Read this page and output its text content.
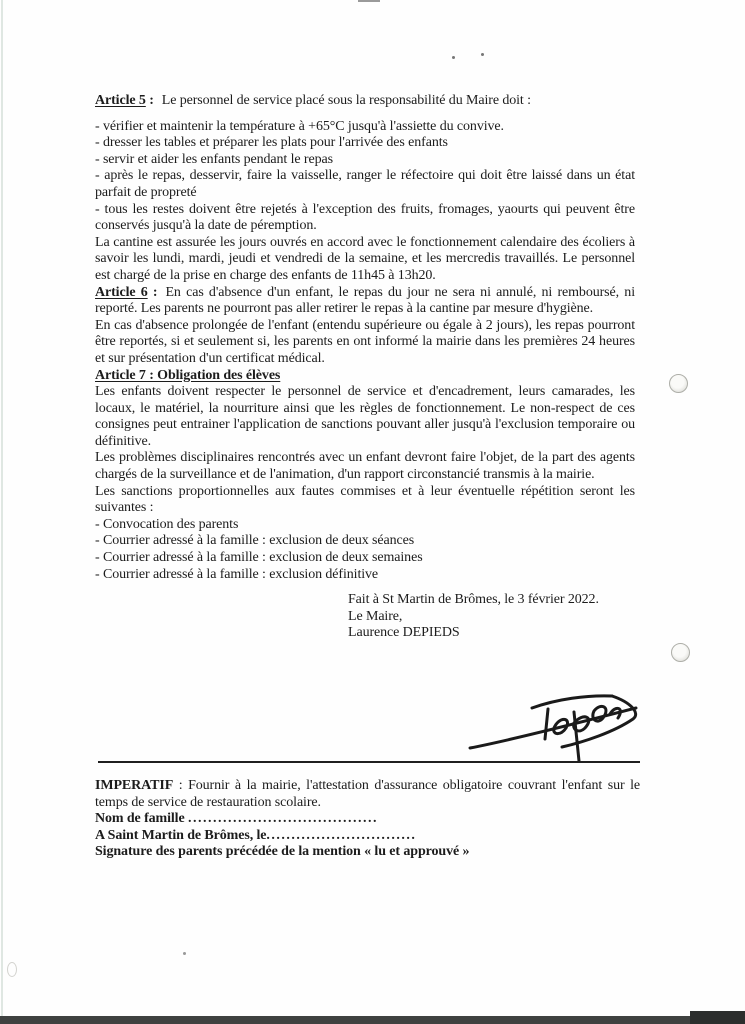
Article 5 : Le personnel de service placé sous la responsabilité du Maire doit :

- vérifier et maintenir la température à +65°C jusqu'à l'assiette du convive.

- dresser les tables et préparer les plats pour l'arrivée des enfants

- servir et aider les enfants pendant le repas

- après le repas, desservir, faire la vaisselle, ranger le réfectoire qui doit être laissé dans un état parfait de propreté

- tous les restes doivent être rejetés à l'exception des fruits, fromages, yaourts qui peuvent être conservés jusqu'à la date de péremption.

La cantine est assurée les jours ouvrés en accord avec le fonctionnement calendaire des écoliers à savoir les lundi, mardi, jeudi et vendredi de la semaine, et les mercredis travaillés. Le personnel est chargé de la prise en charge des enfants de 11h45 à 13h20.

Article 6 : En cas d'absence d'un enfant, le repas du jour ne sera ni annulé, ni remboursé, ni reporté. Les parents ne pourront pas aller retirer le repas à la cantine par mesure d'hygiène.

En cas d'absence prolongée de l'enfant (entendu supérieure ou égale à 2 jours), les repas pourront être reportés, si et seulement si, les parents en ont informé la mairie dans les premières 24 heures et sur présentation d'un certificat médical.

Article 7 : Obligation des élèves

Les enfants doivent respecter le personnel de service et d'encadrement, leurs camarades, les locaux, le matériel, la nourriture ainsi que les règles de fonctionnement. Le non-respect de ces consignes peut entrainer l'application de sanctions pouvant aller jusqu'à l'exclusion temporaire ou définitive.

Les problèmes disciplinaires rencontrés avec un enfant devront faire l'objet, de la part des agents chargés de la surveillance et de l'animation, d'un rapport circonstancié transmis à la mairie.

Les sanctions proportionnelles aux fautes commises et à leur éventuelle répétition seront les suivantes :

- Convocation des parents

- Courrier adressé à la famille : exclusion de deux séances

- Courrier adressé à la famille : exclusion de deux semaines

- Courrier adressé à la famille : exclusion définitive

Fait à St Martin de Brômes, le 3 février 2022.

Le Maire,

Laurence DEPIEDS

IMPERATIF : Fournir à la mairie, l'attestation d'assurance obligatoire couvrant l'enfant sur le temps de service de restauration scolaire.

Nom de famille ......................................

A Saint Martin de Brômes, le..............................

Signature des parents précédée de la mention « lu et approuvé »
